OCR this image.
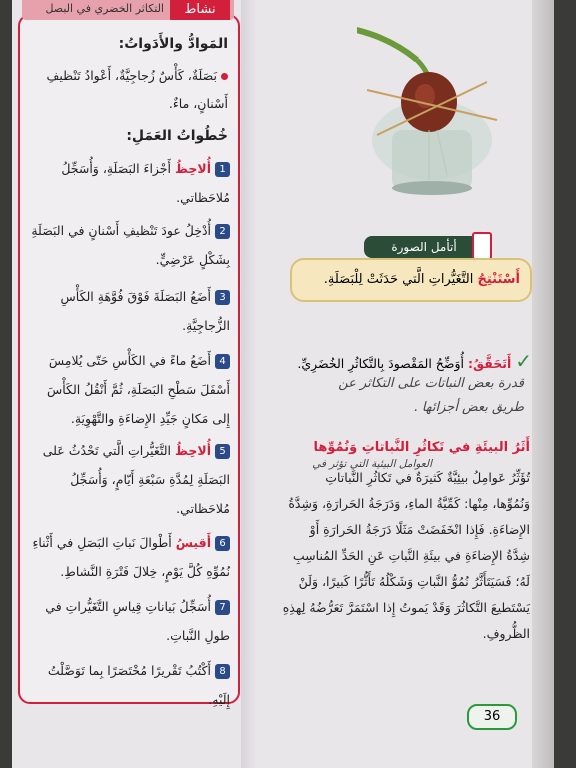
المَوادُّ والأَدَواتُ:
بَصَلَةٌ، كَأْسٌ زُجاجِيَّةٌ، أَعْوادُ تَنْظيفِ
أَسْنانٍ، ماءٌ.
خُطُواتُ العَمَلِ:
1أُلاحِظُ أَجْزاءَ البَصَلَةِ، وَأُسَجِّلُ
مُلاحَظاتي.
2أُدْخِلُ عودَ تَنْظيفِ أَسْنانٍ في البَصَلَةِ
بِشَكْلٍ عَرْضِيٍّ.
3أَضَعُ البَصَلَةَ فَوْقَ فُوَّهَةِ الكَأْسِ
الزُّجاجِيَّةِ.
4أَضَعُ ماءً في الكَأْسِ حَتّى يُلامِسَ
أَسْفَلَ سَطْحِ البَصَلَةِ، ثُمَّ أَنْقُلُ الكَأْسَ
إِلى مَكانٍ جَيِّدِ الإِضاءَةِ والتَّهْوِيَةِ.
5أُلاحِظُ التَّغَيُّراتِ الَّتي تَحْدُثُ عَلى
البَصَلَةِ لِمُدَّةِ سَبْعَةِ أَيّامٍ، وَأُسَجِّلُ
مُلاحَظاتي.
6أَقيسُ أَطْوالَ نَباتِ البَصَلِ في أَثْناءِ
نُمُوِّهِ كُلَّ يَوْمٍ، خِلالَ فَتْرَةِ النَّشاطِ.
7أُسَجِّلُ بَياناتِ قِياسِ التَّغَيُّراتِ في
طولِ النَّباتِ.
8أَكْتُبُ تَقْريرًا مُخْتَصَرًا بِما تَوَصَّلْتُ إِلَيْهِ.
التكاثر الخضري في البصل	نشاط
أتأمل الصورة
أَسْتَنْتِجُ التَّغَيُّراتِ الَّتي حَدَثَتْ لِلْبَصَلَةِ.
✓أَتَحَقَّقُ: أُوَضِّحُ المَقْصودَ بِالتَّكاثُرِ الخُضَرِيِّ.
قدرة بعض النباتات على التكاثر عن
طريق بعض أجزائها .
أَثَرُ البيئَةِ في تَكاثُرِ النَّباتاتِ وَنُمُوِّها
العوامل البيئية التي تؤثر في
تُؤَثِّرُ عَوامِلُ بيئِيَّةٌ كَثيرَةٌ في تَكاثُرِ النَّباتاتِ
وَنُمُوِّها، مِنْها: كَمِّيَّةُ الماءِ، وَدَرَجَةُ الحَرارَةِ، وَشِدَّةُ
الإِضاءَةِ. فَإِذا انْخَفَضَتْ مَثَلًا دَرَجَةُ الحَرارَةِ أَوْ
شِدَّةُ الإِضاءَةِ في بيئَةِ النَّباتِ عَنِ الحَدِّ المُناسِبِ
لَهُ؛ فَسَيَتَأَثَّرُ نُمُوُّ النَّباتِ وَشَكْلُهُ تَأَثُّرًا كَبيرًا، وَلَنْ
يَسْتَطيعَ التَّكاثُرَ وَقَدْ يَموتُ إِذا اسْتَمَرَّ تَعَرُّضُهُ لِهذِهِ
الظُّروفِ.
36
